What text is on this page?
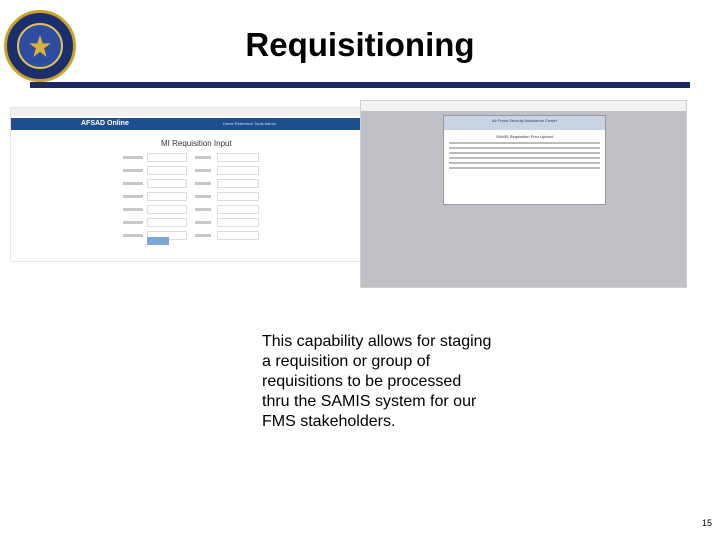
Requisitioning
AFSAD Online	Home Reference Tools Admin
MI Requisition Input
Air Force Security Assistance Center
SAMIS Requisition Prior Upload
This capability allows for staging a requisition or group of requisitions to be processed thru the SAMIS system for our FMS stakeholders.
15
